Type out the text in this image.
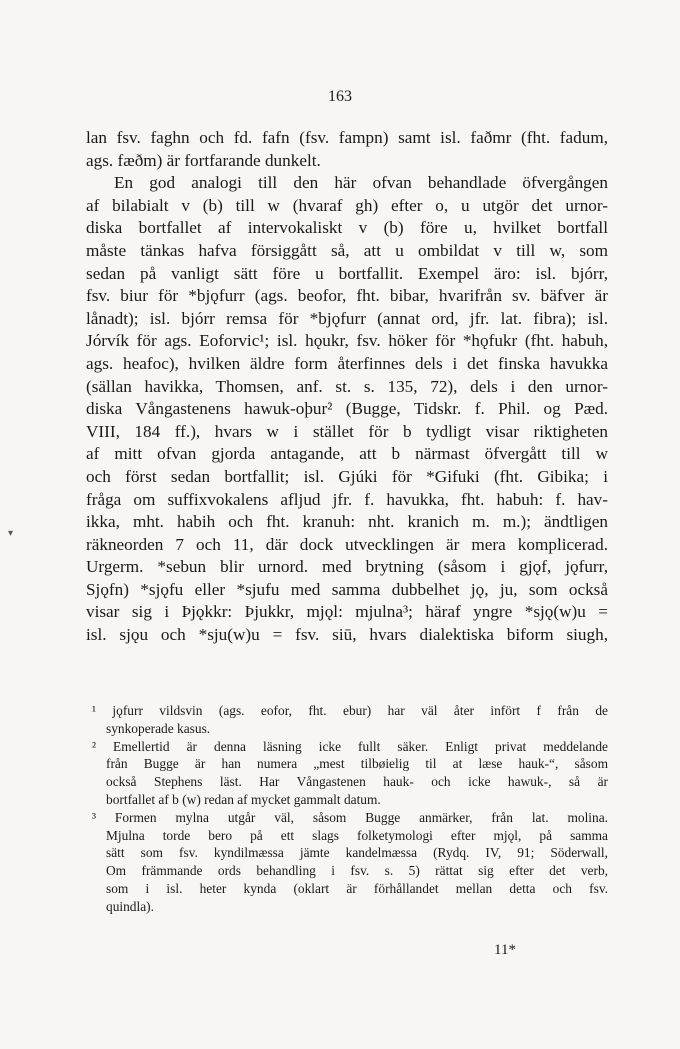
163
▾
lan fsv. faghn och fd. fafn (fsv. fampn) samt isl. faðmr (fht. fadum,
ags. fæðm) är fortfarande dunkelt.
En god analogi till den här ofvan behandlade öfvergången
af bilabialt v (b) till w (hvaraf gh) efter o, u utgör det urnor-
diska bortfallet af intervokaliskt v (b) före u, hvilket bortfall
måste tänkas hafva försiggått så, att u ombildat v till w, som
sedan på vanligt sätt före u bortfallit. Exempel äro: isl. bjórr,
fsv. biur för *bjǫfurr (ags. beofor, fht. bibar, hvarifrån sv. bäfver är
lånadt); isl. bjórr remsa för *bjǫfurr (annat ord, jfr. lat. fibra); isl.
Jórvík för ags. Eoforvic¹; isl. hǫukr, fsv. höker för *hǫfukr (fht. habuh,
ags. heafoc), hvilken äldre form återfinnes dels i det finska havukka
(sällan havikka, Thomsen, anf. st. s. 135, 72), dels i den urnor-
diska Vångastenens hawuk-oþur² (Bugge, Tidskr. f. Phil. og Pæd.
VIII, 184 ff.), hvars w i stället för b tydligt visar riktigheten
af mitt ofvan gjorda antagande, att b närmast öfvergått till w
och först sedan bortfallit; isl. Gjúki för *Gifuki (fht. Gibika; i
fråga om suffixvokalens afljud jfr. f. havukka, fht. habuh: f. hav-
ikka, mht. habih och fht. kranuh: nht. kranich m. m.); ändtligen
räkneorden 7 och 11, där dock utvecklingen är mera komplicerad.
Urgerm. *sebun blir urnord. med brytning (såsom i gjǫf, jǫfurr,
Sjǫfn) *sjǫfu eller *sjufu med samma dubbelhet jǫ, ju, som också
visar sig i Þjǫkkr: Þjukkr, mjǫl: mjulna³; häraf yngre *sjǫ(w)u =
isl. sjǫu och *sju(w)u = fsv. siū, hvars dialektiska biform siugh,
¹ jǫfurr vildsvin (ags. eofor, fht. ebur) har väl åter infört f från de
synkoperade kasus.
² Emellertid är denna läsning icke fullt säker. Enligt privat meddelande
från Bugge är han numera „mest tilbøielig til at læse hauk-“, såsom
också Stephens läst. Har Vångastenen hauk- och icke hawuk-, så är
bortfallet af b (w) redan af mycket gammalt datum.
³ Formen mylna utgår väl, såsom Bugge anmärker, från lat. molina.
Mjulna torde bero på ett slags folketymologi efter mjǫl, på samma
sätt som fsv. kyndilmæssa jämte kandelmæssa (Rydq. IV, 91; Söderwall,
Om främmande ords behandling i fsv. s. 5) rättat sig efter det verb,
som i isl. heter kynda (oklart är förhållandet mellan detta och fsv.
quindla).
11*
